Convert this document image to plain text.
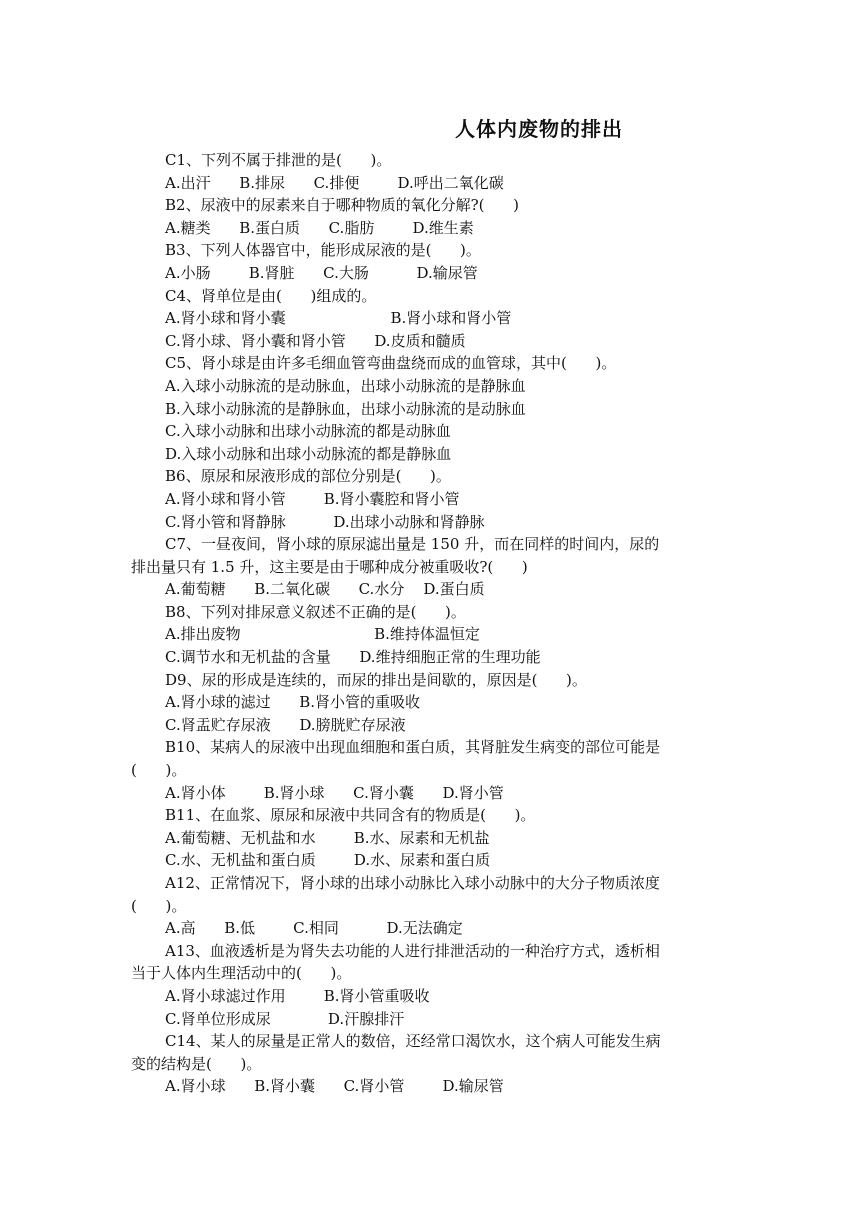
人体内废物的排出
C1、下列不属于排泄的是(      )。
A.出汗      B.排尿      C.排便        D.呼出二氧化碳
B2、尿液中的尿素来自于哪种物质的氧化分解?(      )
A.糖类      B.蛋白质      C.脂肪        D.维生素
B3、下列人体器官中，能形成尿液的是(      )。
A.小肠        B.肾脏      C.大肠          D.输尿管
C4、肾单位是由(      )组成的。
A.肾小球和肾小囊                      B.肾小球和肾小管
C.肾小球、肾小囊和肾小管      D.皮质和髓质
C5、肾小球是由许多毛细血管弯曲盘绕而成的血管球，其中(      )。
A.入球小动脉流的是动脉血，出球小动脉流的是静脉血
B.入球小动脉流的是静脉血，出球小动脉流的是动脉血
C.入球小动脉和出球小动脉流的都是动脉血
D.入球小动脉和出球小动脉流的都是静脉血
B6、原尿和尿液形成的部位分别是(      )。
A.肾小球和肾小管        B.肾小囊腔和肾小管
C.肾小管和肾静脉          D.出球小动脉和肾静脉
C7、一昼夜间，肾小球的原尿滤出量是 150 升，而在同样的时间内，尿的
排出量只有 1.5 升，这主要是由于哪种成分被重吸收?(      )
A.葡萄糖      B.二氧化碳      C.水分    D.蛋白质
B8、下列对排尿意义叙述不正确的是(      )。
A.排出废物                            B.维持体温恒定
C.调节水和无机盐的含量      D.维持细胞正常的生理功能
D9、尿的形成是连续的，而尿的排出是间歇的，原因是(      )。
A.肾小球的滤过      B.肾小管的重吸收
C.肾盂贮存尿液      D.膀胱贮存尿液
B10、某病人的尿液中出现血细胞和蛋白质，其肾脏发生病变的部位可能是
(      )。
A.肾小体        B.肾小球      C.肾小囊      D.肾小管
B11、在血浆、原尿和尿液中共同含有的物质是(      )。
A.葡萄糖、无机盐和水        B.水、尿素和无机盐
C.水、无机盐和蛋白质        D.水、尿素和蛋白质
A12、正常情况下，肾小球的出球小动脉比入球小动脉中的大分子物质浓度
(      )。
A.高      B.低        C.相同          D.无法确定
A13、血液透析是为肾失去功能的人进行排泄活动的一种治疗方式，透析相
当于人体内生理活动中的(      )。
A.肾小球滤过作用        B.肾小管重吸收
C.肾单位形成尿            D.汗腺排汗
C14、某人的尿量是正常人的数倍，还经常口渴饮水，这个病人可能发生病
变的结构是(      )。
A.肾小球      B.肾小囊      C.肾小管        D.输尿管
